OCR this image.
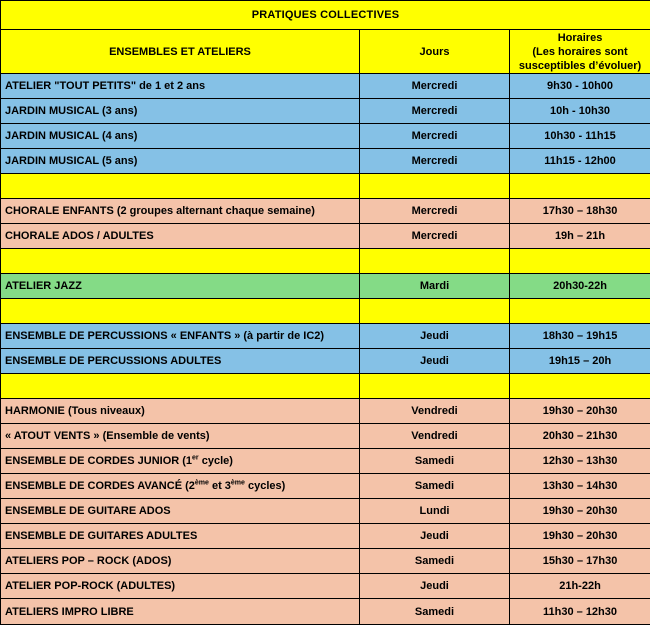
PRATIQUES COLLECTIVES		
ENSEMBLES ET ATELIERS	Jours	Horaires
(Les horaires sont susceptibles d’évoluer)
ATELIER "TOUT PETITS" de 1 et 2 ans	Mercredi	9h30 - 10h00
JARDIN MUSICAL (3 ans)	Mercredi	10h - 10h30
JARDIN MUSICAL (4 ans)	Mercredi	10h30 - 11h15
JARDIN MUSICAL (5 ans)	Mercredi	11h15 - 12h00

CHORALE ENFANTS (2 groupes alternant chaque semaine)	Mercredi	17h30 – 18h30
CHORALE ADOS / ADULTES	Mercredi	19h – 21h

ATELIER JAZZ	Mardi	20h30-22h

ENSEMBLE DE PERCUSSIONS « ENFANTS » (à partir de IC2)	Jeudi	18h30 – 19h15
ENSEMBLE DE PERCUSSIONS ADULTES	Jeudi	19h15 – 20h

HARMONIE (Tous niveaux)	Vendredi	19h30 – 20h30
« ATOUT VENTS » (Ensemble de vents)	Vendredi	20h30 – 21h30
ENSEMBLE DE CORDES JUNIOR (1er cycle)	Samedi	12h30 – 13h30
ENSEMBLE DE CORDES AVANCÉ (2ème et 3ème cycles)	Samedi	13h30 – 14h30
ENSEMBLE DE GUITARE ADOS	Lundi	19h30 – 20h30
ENSEMBLE DE GUITARES ADULTES	Jeudi	19h30 – 20h30
ATELIERS POP – ROCK (ADOS)	Samedi	15h30 – 17h30
ATELIER POP-ROCK (ADULTES)	Jeudi	21h-22h
ATELIERS IMPRO LIBRE	Samedi	11h30 – 12h30
